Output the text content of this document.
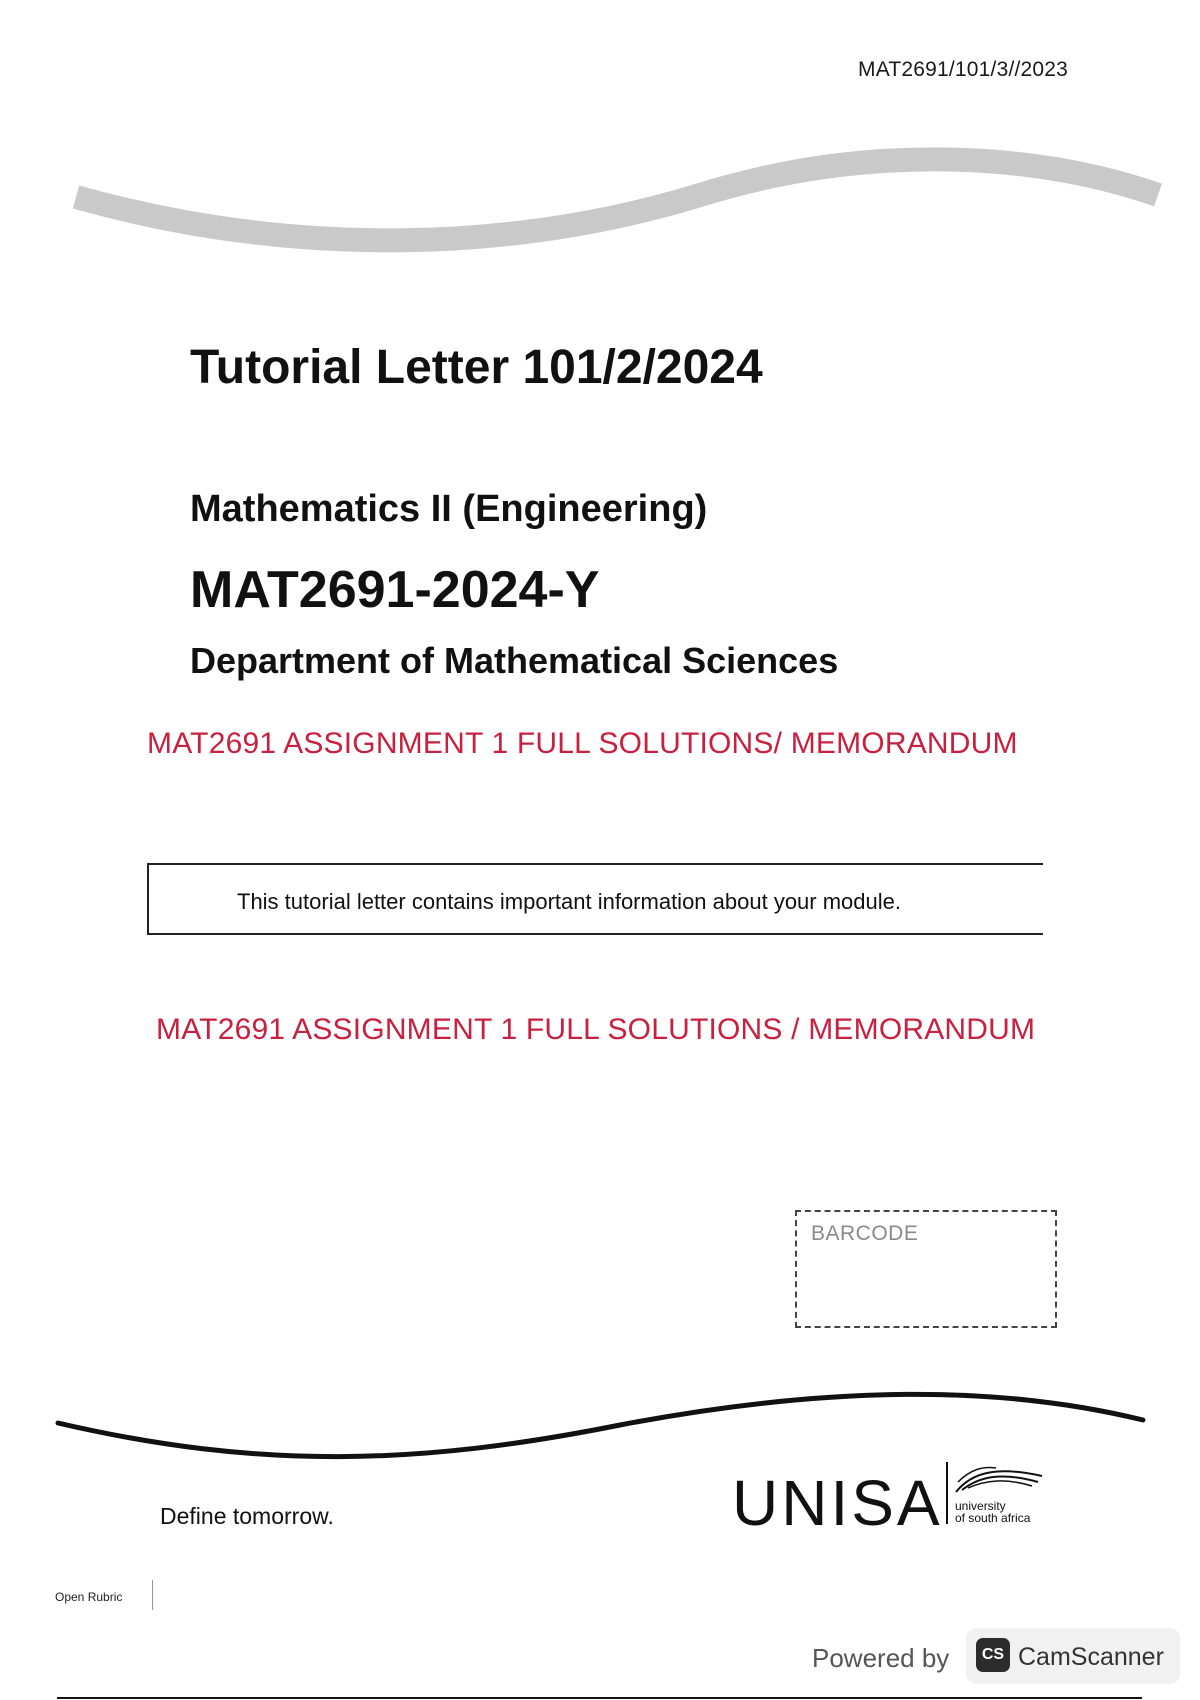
MAT2691/101/3//2023
Tutorial Letter 101/2/2024
Mathematics II (Engineering)
MAT2691-2024-Y
Department of Mathematical Sciences
MAT2691 ASSIGNMENT 1 FULL SOLUTIONS/ MEMORANDUM
This tutorial letter contains important information about your module.
MAT2691 ASSIGNMENT 1 FULL SOLUTIONS / MEMORANDUM
BARCODE
Define tomorrow.	UNISA university
of south africa
Open Rubric
Powered by	CS CamScanner
